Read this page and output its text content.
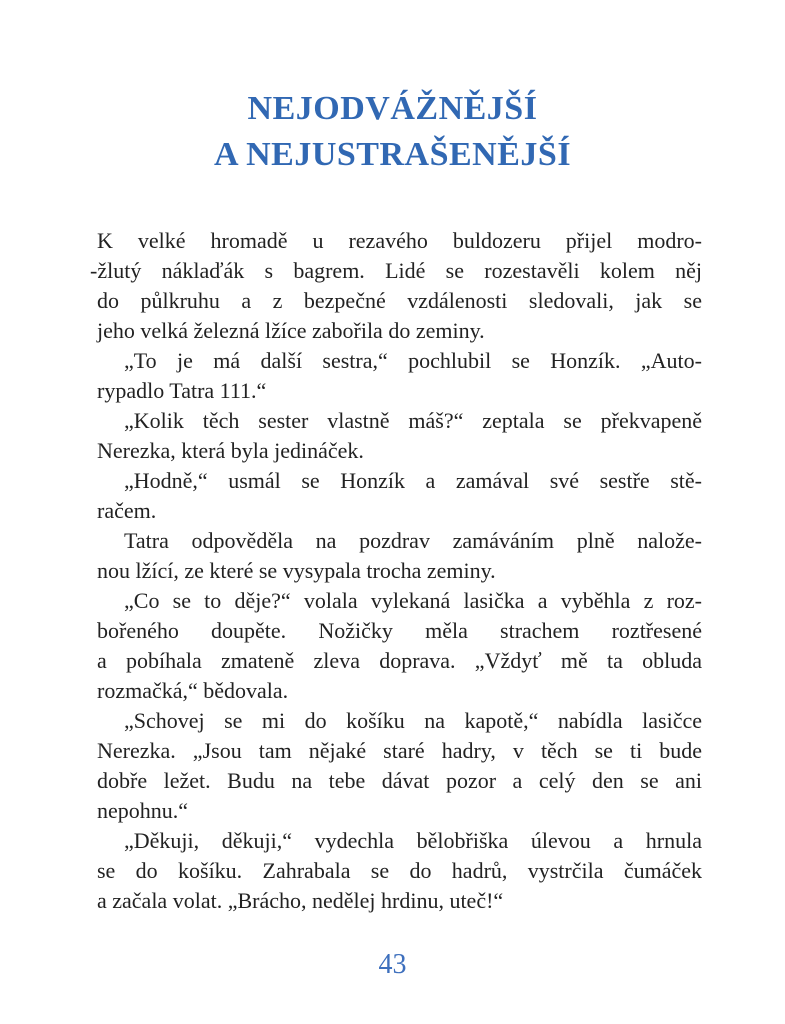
NEJODVÁŽNĚJŠÍ
A NEJUSTRAŠENĚJŠÍ
K velké hromadě u rezavého buldozeru přijel modro-
-žlutý náklaďák s bagrem. Lidé se rozestavěli kolem něj
do půlkruhu a z bezpečné vzdálenosti sledovali, jak se
jeho velká železná lžíce zabořila do zeminy.
„To je má další sestra,“ pochlubil se Honzík. „Auto-
rypadlo Tatra 111.“
„Kolik těch sester vlastně máš?“ zeptala se překvapeně
Nerezka, která byla jedináček.
„Hodně,“ usmál se Honzík a zamával své sestře stě-
račem.
Tatra odpověděla na pozdrav zamáváním plně nalože-
nou lžící, ze které se vysypala trocha zeminy.
„Co se to děje?“ volala vylekaná lasička a vyběhla z roz-
bořeného doupěte. Nožičky měla strachem roztřesené
a pobíhala zmateně zleva doprava. „Vždyť mě ta obluda
rozmačká,“ bědovala.
„Schovej se mi do košíku na kapotě,“ nabídla lasičce
Nerezka. „Jsou tam nějaké staré hadry, v těch se ti bude
dobře ležet. Budu na tebe dávat pozor a celý den se ani
nepohnu.“
„Děkuji, děkuji,“ vydechla bělobřiška úlevou a hrnula
se do košíku. Zahrabala se do hadrů, vystrčila čumáček
a začala volat. „Brácho, nedělej hrdinu, uteč!“
43
